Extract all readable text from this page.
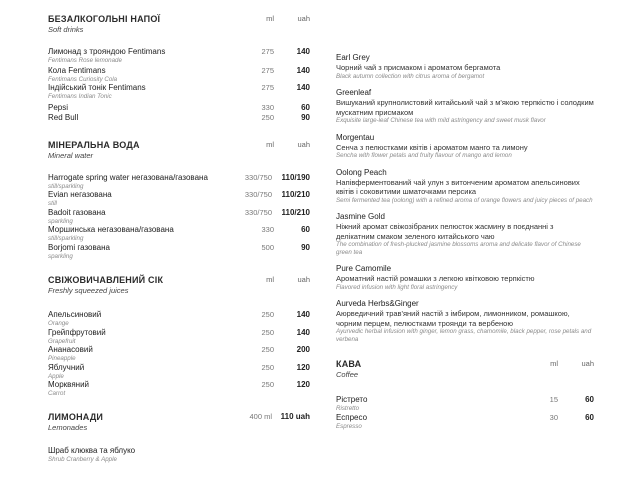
БЕЗАЛКОГОЛЬНІ НАПОЇ
Soft drinks
ml	uah
Лимонад з трояндою Fentimans
Fentimans Rose lemonade
275	140
Кола Fentimans
Fentimans Curiosity Cola
275	140
Індійський тонік Fentimans
Fentimans Indian Tonic
275	140
Pepsi	330	60
Red Bull	250	90
МІНЕРАЛЬНА ВОДА
Mineral water
ml	uah
Harrogate spring water негазована/газована
still/sparkling
330/750 110/190
Evian негазована
still
330/750 110/210
Badoit газована
sparkling
330/750 110/210
Моршинська негазована/газована
still/sparkling
330	60
Borjomi газована
sparkling
500	90
СВІЖОВИЧАВЛЕНИЙ СІК
Freshly squeezed juices
ml	uah
Апельсиновий
Orange
250	140
Грейпфрутовий
Grapefruit
250	140
Ананасовий
Pineapple
250	200
Яблучний
Apple
250	120
Морквяний
Carrot
250	120
ЛИМОНАДИ
Lemonades
400 ml 110 uah
Шраб клюква та яблуко
Shrub Cranberry & Apple
Earl Grey
Чорний чай з присмаком і ароматом бергамота
Black autumn collection with citrus aroma of bergamot
Greenleaf
Вишуканий крупнолистовий китайський чай з м'якою терпкістю і солодким мускатним присмаком
Exquisite large-leaf Chinese tea with mild astringency and sweet musk flavor
Morgentau
Сенча з пелюстками квітів і ароматом манго та лимону
Sencha with flower petals and fruity flavour of mango and lemon
Oolong Peach
Напівферментований чай улун з витонченим ароматом апельсинових квітів і соковитими шматочками персика
Semi fermented tea (oolong) with a refined aroma of orange flowers and juicy pieces of peach
Jasmine Gold
Ніжний аромат свіжозібраних пелюсток жасмину в поєднанні з делікатним смаком зеленого китайського чаю
The combination of fresh-plucked jasmine blossoms aroma and delicate flavor of Chinese green tea
Pure Camomile
Ароматний настій ромашки з легкою квітковою терпкістю
Flavored infusion with light floral astringency
Aurveda Herbs&Ginger
Аюрведичний трав'яний настій з імбиром, лимонником, ромашкою, чорним перцем, пелюстками троянди та вербеною
Ayurvedic herbal infusion with ginger, lemon grass, chamomile, black pepper, rose petals and verbena
КАВА
Coffee
ml	uah
Рістрето
Ristretto
15	60
Еспресо
Espresso
30	60
